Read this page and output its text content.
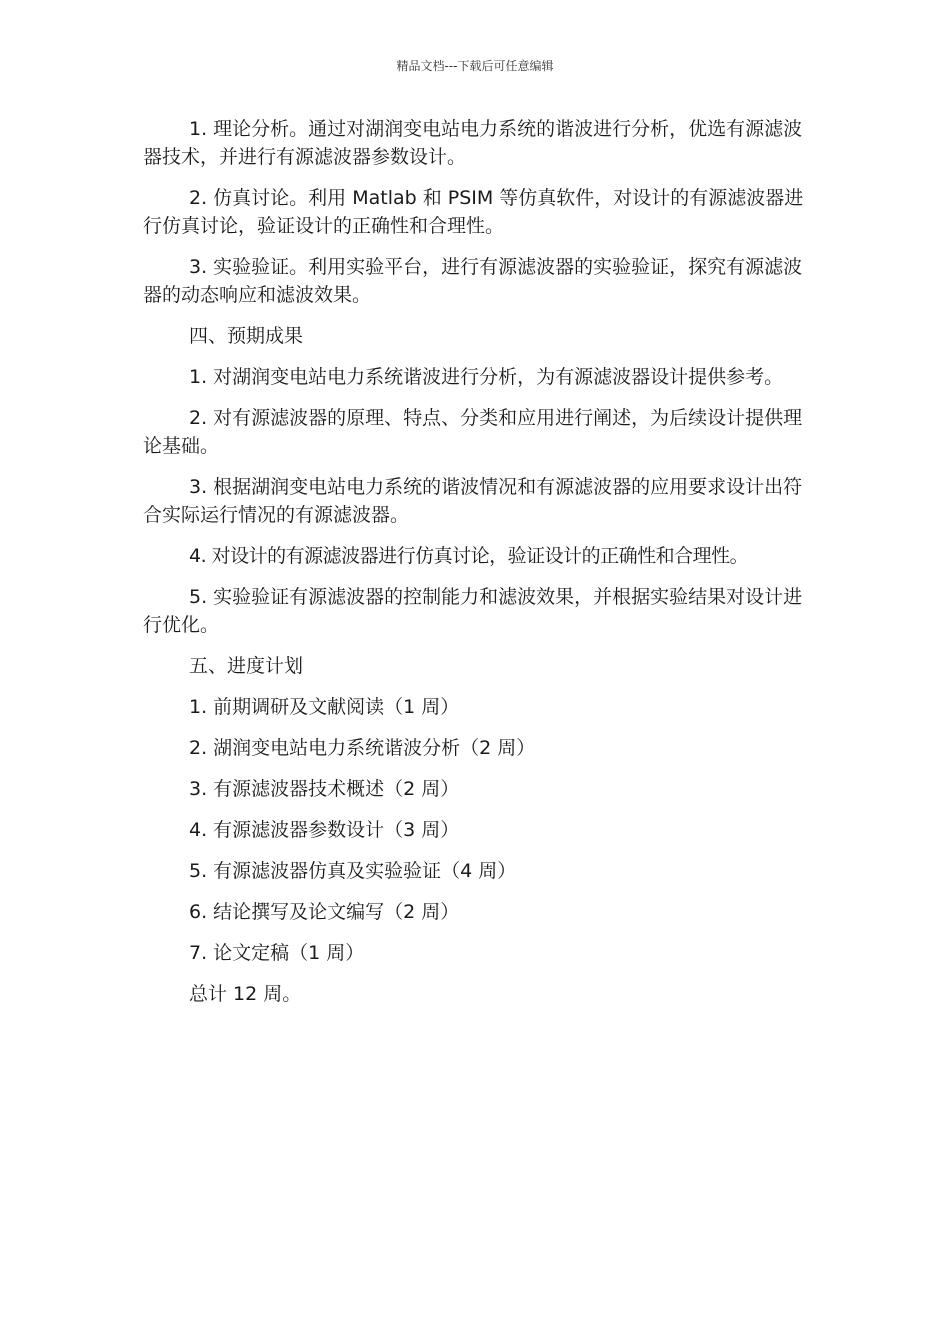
精品文档---下载后可任意编辑

1. 理论分析。通过对湖润变电站电力系统的谐波进行分析，优选有源滤波器技术，并进行有源滤波器参数设计。

2. 仿真讨论。利用 Matlab 和 PSIM 等仿真软件，对设计的有源滤波器进行仿真讨论，验证设计的正确性和合理性。

3. 实验验证。利用实验平台，进行有源滤波器的实验验证，探究有源滤波器的动态响应和滤波效果。

四、预期成果

1. 对湖润变电站电力系统谐波进行分析，为有源滤波器设计提供参考。

2. 对有源滤波器的原理、特点、分类和应用进行阐述，为后续设计提供理论基础。

3. 根据湖润变电站电力系统的谐波情况和有源滤波器的应用要求设计出符合实际运行情况的有源滤波器。

4. 对设计的有源滤波器进行仿真讨论，验证设计的正确性和合理性。

5. 实验验证有源滤波器的控制能力和滤波效果，并根据实验结果对设计进行优化。

五、进度计划

1. 前期调研及文献阅读（1 周）

2. 湖润变电站电力系统谐波分析（2 周）

3. 有源滤波器技术概述（2 周）

4. 有源滤波器参数设计（3 周）

5. 有源滤波器仿真及实验验证（4 周）

6. 结论撰写及论文编写（2 周）

7. 论文定稿（1 周）

总计 12 周。
